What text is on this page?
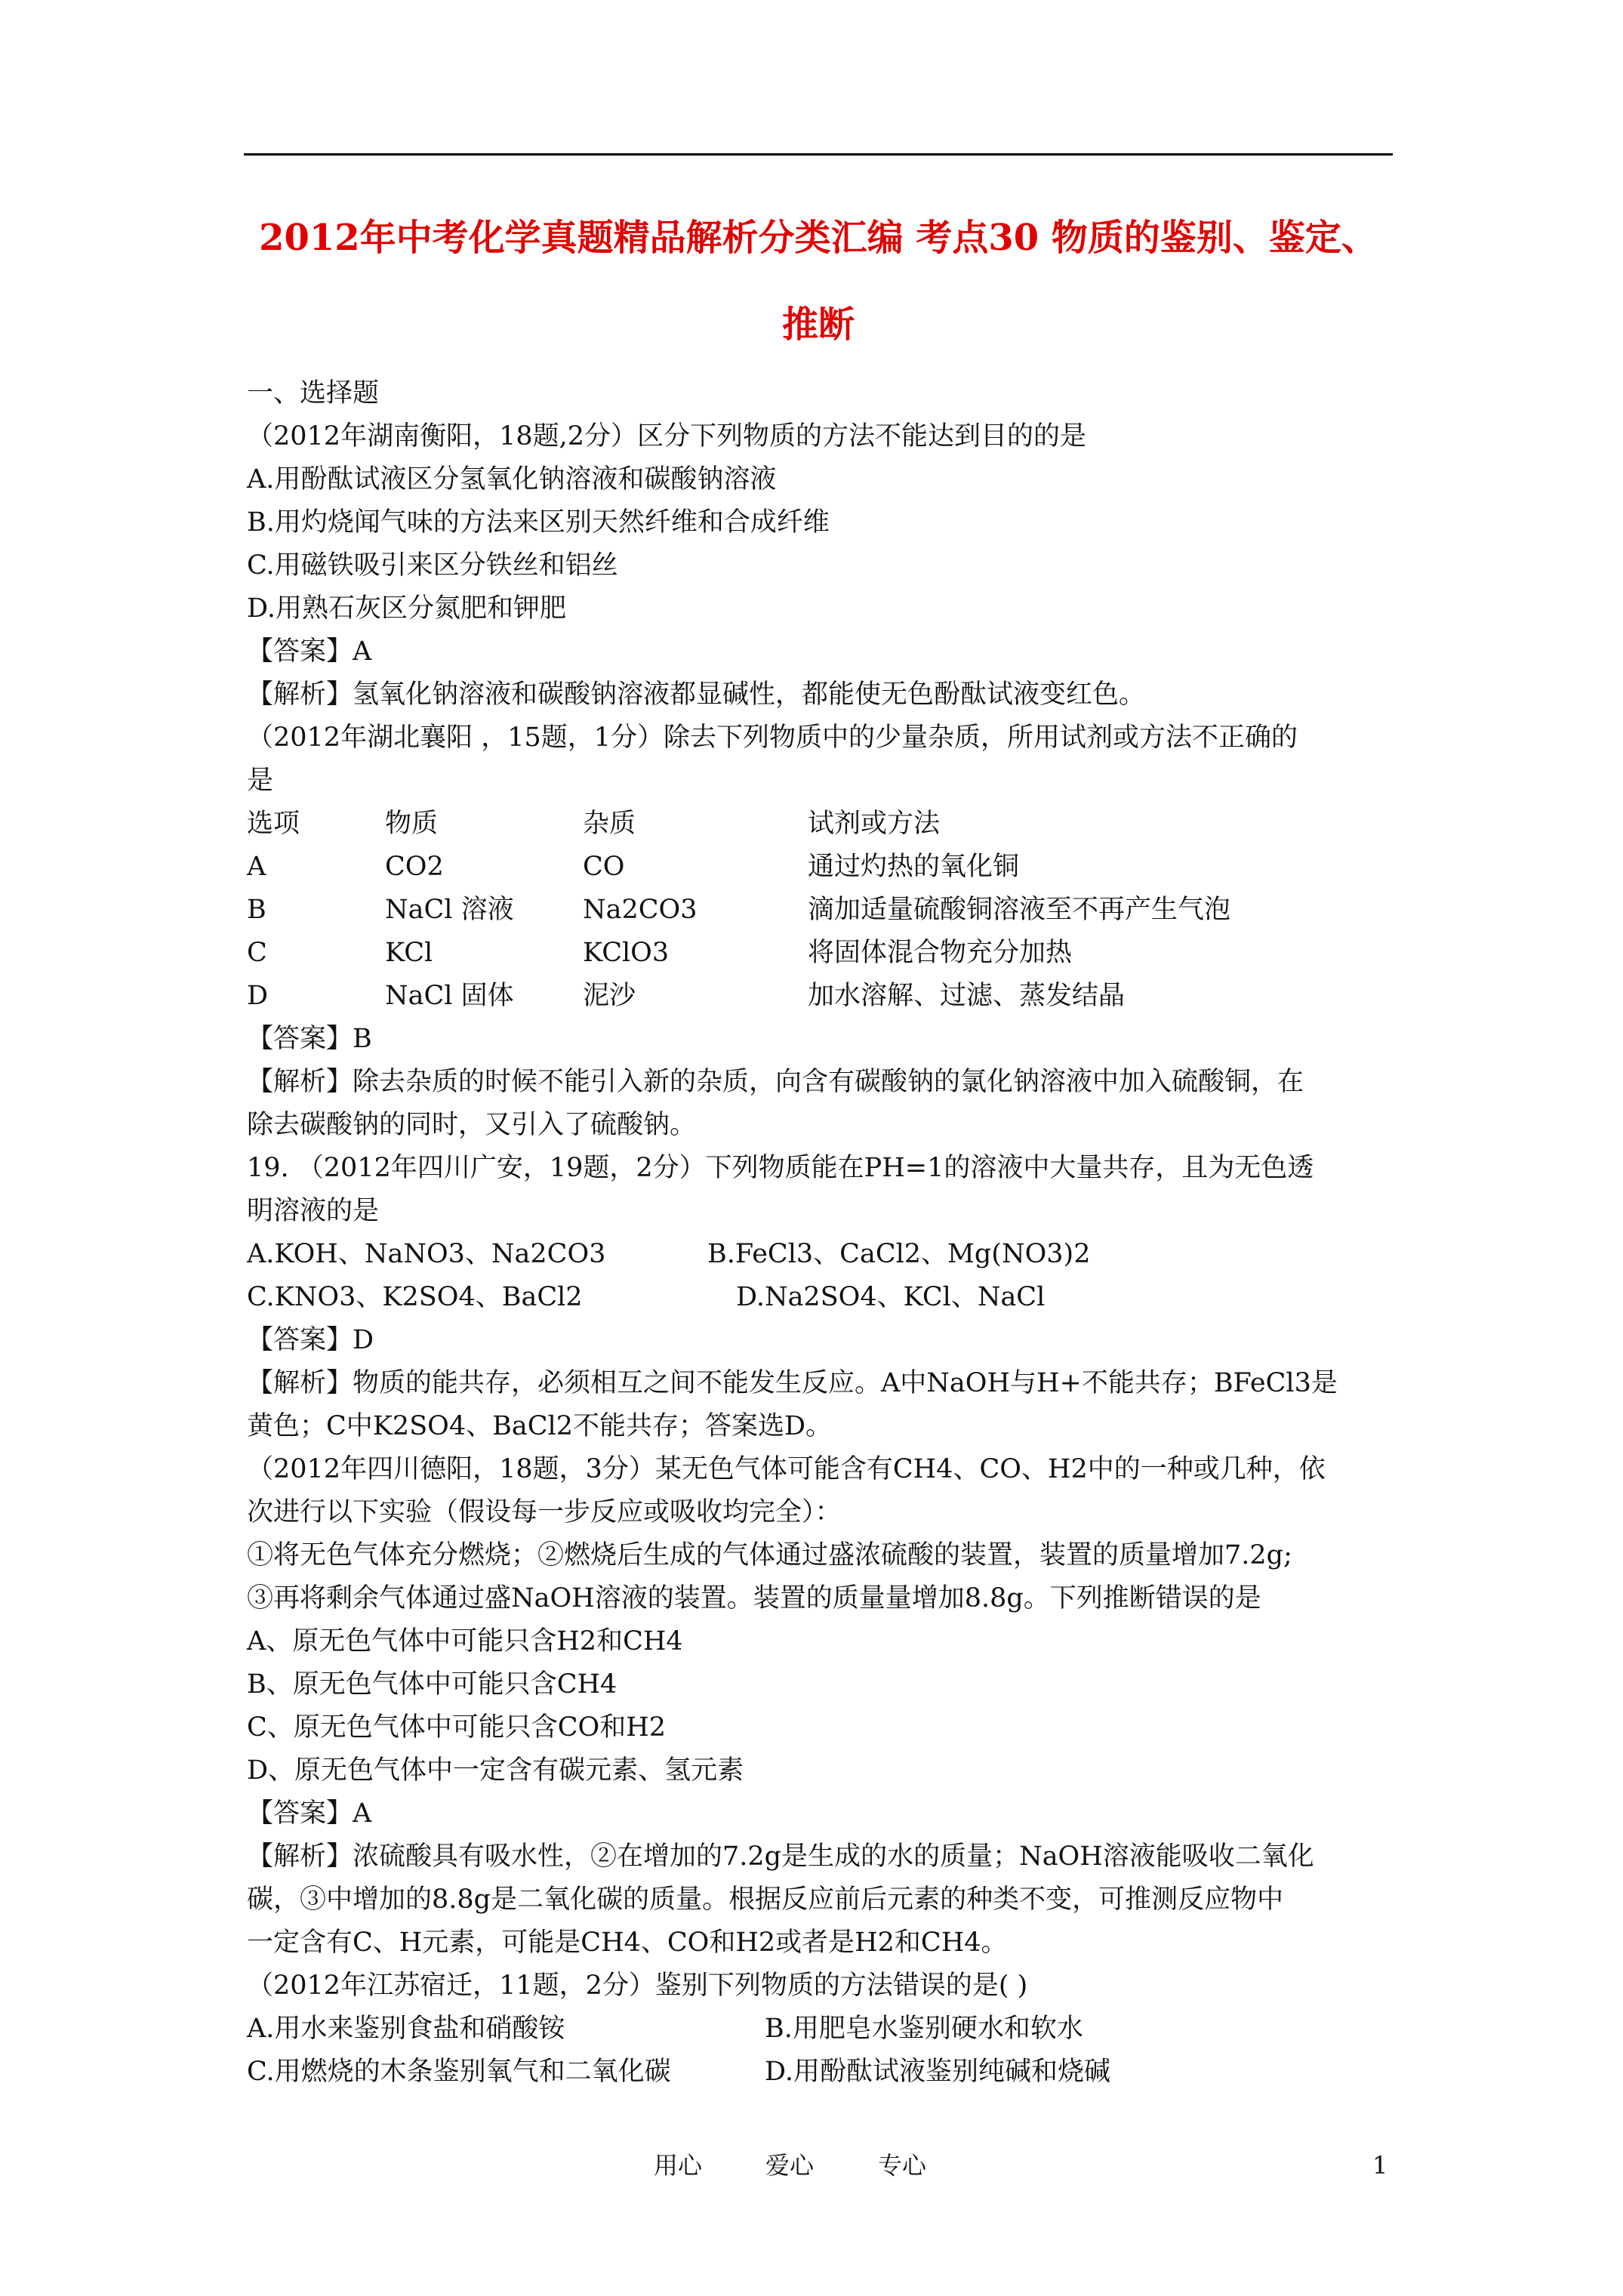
2012年中考化学真题精品解析分类汇编 考点30 物质的鉴别、鉴定、
推断
一、选择题
（2012年湖南衡阳，18题,2分）区分下列物质的方法不能达到目的的是
A.用酚酞试液区分氢氧化钠溶液和碳酸钠溶液
B.用灼烧闻气味的方法来区别天然纤维和合成纤维
C.用磁铁吸引来区分铁丝和铝丝
D.用熟石灰区分氮肥和钾肥
【答案】A
【解析】氢氧化钠溶液和碳酸钠溶液都显碱性，都能使无色酚酞试液变红色。
（2012年湖北襄阳 ，15题，1分）除去下列物质中的少量杂质，所用试剂或方法不正确的
是
选项	物质	杂质	试剂或方法
A	CO2	CO	通过灼热的氧化铜
B	NaCl 溶液	Na2CO3	滴加适量硫酸铜溶液至不再产生气泡
C	KCl	KClO3	将固体混合物充分加热
D	NaCl 固体	泥沙	加水溶解、过滤、蒸发结晶
【答案】B
【解析】除去杂质的时候不能引入新的杂质，向含有碳酸钠的氯化钠溶液中加入硫酸铜，在
除去碳酸钠的同时，又引入了硫酸钠。
19. （2012年四川广安，19题，2分）下列物质能在PH=1的溶液中大量共存，且为无色透
明溶液的是
A.KOH、NaNO3、Na2CO3	B.FeCl3、CaCl2、Mg(NO3)2
C.KNO3、K2SO4、BaCl2	D.Na2SO4、KCl、NaCl
【答案】D
【解析】物质的能共存，必须相互之间不能发生反应。A中NaOH与H+不能共存；BFeCl3是
黄色；C中K2SO4、BaCl2不能共存；答案选D。
（2012年四川德阳，18题，3分）某无色气体可能含有CH4、CO、H2中的一种或几种，依
次进行以下实验（假设每一步反应或吸收均完全）：
①将无色气体充分燃烧；②燃烧后生成的气体通过盛浓硫酸的装置，装置的质量增加7.2g;
③再将剩余气体通过盛NaOH溶液的装置。装置的质量量增加8.8g。下列推断错误的是
A、原无色气体中可能只含H2和CH4
B、原无色气体中可能只含CH4
C、原无色气体中可能只含CO和H2
D、原无色气体中一定含有碳元素、氢元素
【答案】A
【解析】浓硫酸具有吸水性，②在增加的7.2g是生成的水的质量；NaOH溶液能吸收二氧化
碳，③中增加的8.8g是二氧化碳的质量。根据反应前后元素的种类不变，可推测反应物中
一定含有C、H元素，可能是CH4、CO和H2或者是H2和CH4。
（2012年江苏宿迁，11题，2分）鉴别下列物质的方法错误的是( )
A.用水来鉴别食盐和硝酸铵	B.用肥皂水鉴别硬水和软水
C.用燃烧的木条鉴别氧气和二氧化碳	D.用酚酞试液鉴别纯碱和烧碱
用心	爱心	专心	1
